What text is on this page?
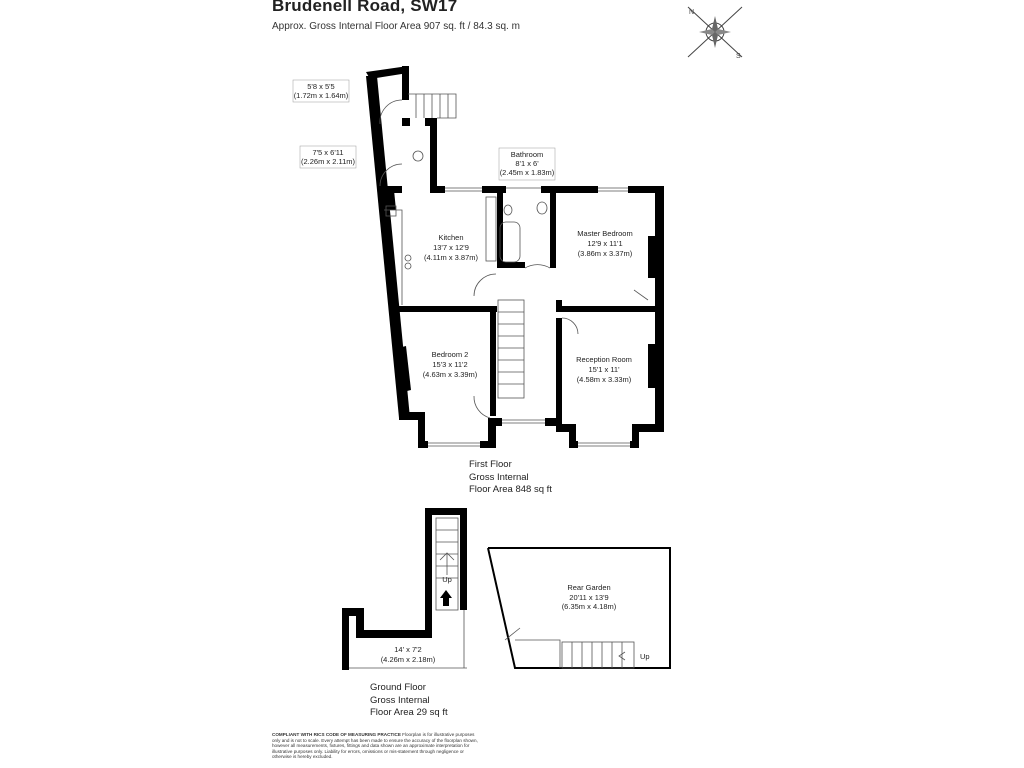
Brudenell Road, SW17
Approx. Gross Internal Floor Area 907 sq. ft / 84.3 sq. m
N
S
5'8 x 5'5
(1.72m x 1.64m)
7'5 x 6'11
(2.26m x 2.11m)
Bathroom
8'1 x 6'
(2.45m x 1.83m)
Kitchen
13'7 x 12'9
(4.11m x 3.87m)
Master Bedroom
12'9 x 11'1
(3.86m x 3.37m)
Bedroom 2
15'3 x 11'2
(4.63m x 3.39m)
Reception Room
15'1 x 11'
(4.58m x 3.33m)
Up
14' x 7'2
(4.26m x 2.18m)	Up
Rear Garden
20'11 x 13'9
(6.35m x 4.18m)
First Floor
Gross Internal
Floor Area 848 sq ft
Ground Floor
Gross Internal
Floor Area 29 sq ft
COMPLIANT WITH RICS CODE OF MEASURING PRACTICE Floorplan is for illustrative purposes only and is not to scale. Every attempt has been made to ensure the accuracy of the floorplan shown, however all measurements, fixtures, fittings and data shown are an approximate interpretation for illustrative purposes only. Liability for errors, omissions or mis-statement through negligence or otherwise is hereby excluded.
